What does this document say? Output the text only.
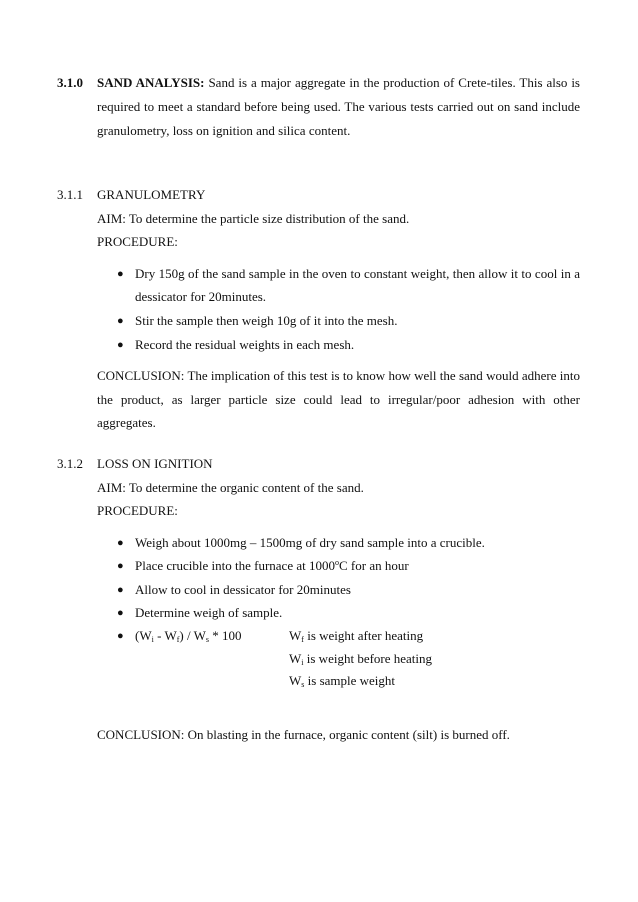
3.1.0 SAND ANALYSIS: Sand is a major aggregate in the production of Crete-tiles. This also is
required to meet a standard before being used. The various tests carried out on sand include
granulometry, loss on ignition and silica content.
3.1.1 GRANULOMETRY
AIM: To determine the particle size distribution of the sand.
PROCEDURE:
● Dry 150g of the sand sample in the oven to constant weight, then allow it to cool in a
dessicator for 20minutes.
● Stir the sample then weigh 10g of it into the mesh.
● Record the residual weights in each mesh.
CONCLUSION: The implication of this test is to know how well the sand would adhere into
the product, as larger particle size could lead to irregular/poor adhesion with other
aggregates.
3.1.2 LOSS ON IGNITION
AIM: To determine the organic content of the sand.
PROCEDURE:
● Weigh about 1000mg – 1500mg of dry sand sample into a crucible.
● Place crucible into the furnace at 1000$^o$C for an hour
● Allow to cool in dessicator for 20minutes
● Determine weigh of sample.
● $(W_i - W_f) / W_s * 100$	$W_f$ is weight after heating
$W_i$ is weight before heating
$W_s$ is sample weight
CONCLUSION: On blasting in the furnace, organic content (silt) is burned off.
